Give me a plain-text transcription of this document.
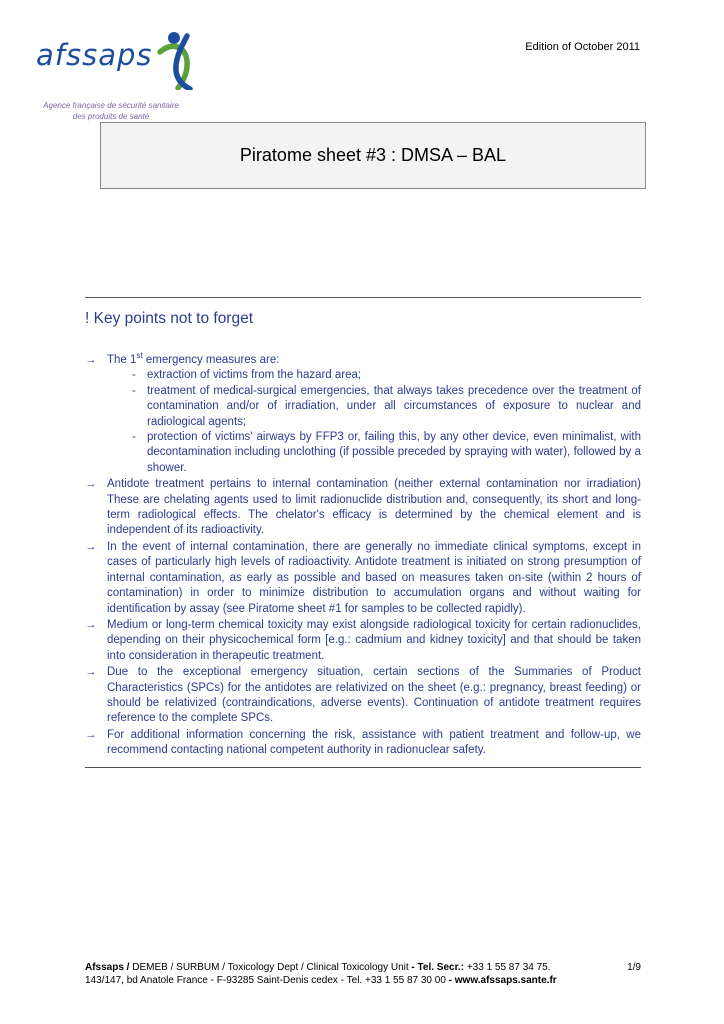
Edition of October 2011
afssaps
Agence française de sécurité sanitaire
des produits de santé
Piratome sheet #3 : DMSA – BAL
! Key points not to forget
→ The 1st emergency measures are:
- extraction of victims from the hazard area;
- treatment of medical-surgical emergencies, that always takes precedence over the treatment of contamination and/or of irradiation, under all circumstances of exposure to nuclear and radiological agents;
- protection of victims' airways by FFP3 or, failing this, by any other device, even minimalist, with decontamination including unclothing (if possible preceded by spraying with water), followed by a shower.
→ Antidote treatment pertains to internal contamination (neither external contamination nor irradiation) These are chelating agents used to limit radionuclide distribution and, consequently, its short and long-term radiological effects. The chelator's efficacy is determined by the chemical element and is independent of its radioactivity.
→ In the event of internal contamination, there are generally no immediate clinical symptoms, except in cases of particularly high levels of radioactivity. Antidote treatment is initiated on strong presumption of internal contamination, as early as possible and based on measures taken on-site (within 2 hours of contamination) in order to minimize distribution to accumulation organs and without waiting for identification by assay (see Piratome sheet #1 for samples to be collected rapidly).
→ Medium or long-term chemical toxicity may exist alongside radiological toxicity for certain radionuclides, depending on their physicochemical form [e.g.: cadmium and kidney toxicity] and that should be taken into consideration in therapeutic treatment.
→ Due to the exceptional emergency situation, certain sections of the Summaries of Product Characteristics (SPCs) for the antidotes are relativized on the sheet (e.g.: pregnancy, breast feeding) or should be relativized (contraindications, adverse events). Continuation of antidote treatment requires reference to the complete SPCs.
→ For additional information concerning the risk, assistance with patient treatment and follow-up, we recommend contacting national competent authority in radionuclear safety.
Afssaps / DEMEB / SURBUM / Toxicology Dept / Clinical Toxicology Unit - Tel. Secr.: +33 1 55 87 34 75.	1/9
143/147, bd Anatole France - F-93285 Saint-Denis cedex - Tel. +33 1 55 87 30 00 - www.afssaps.sante.fr
